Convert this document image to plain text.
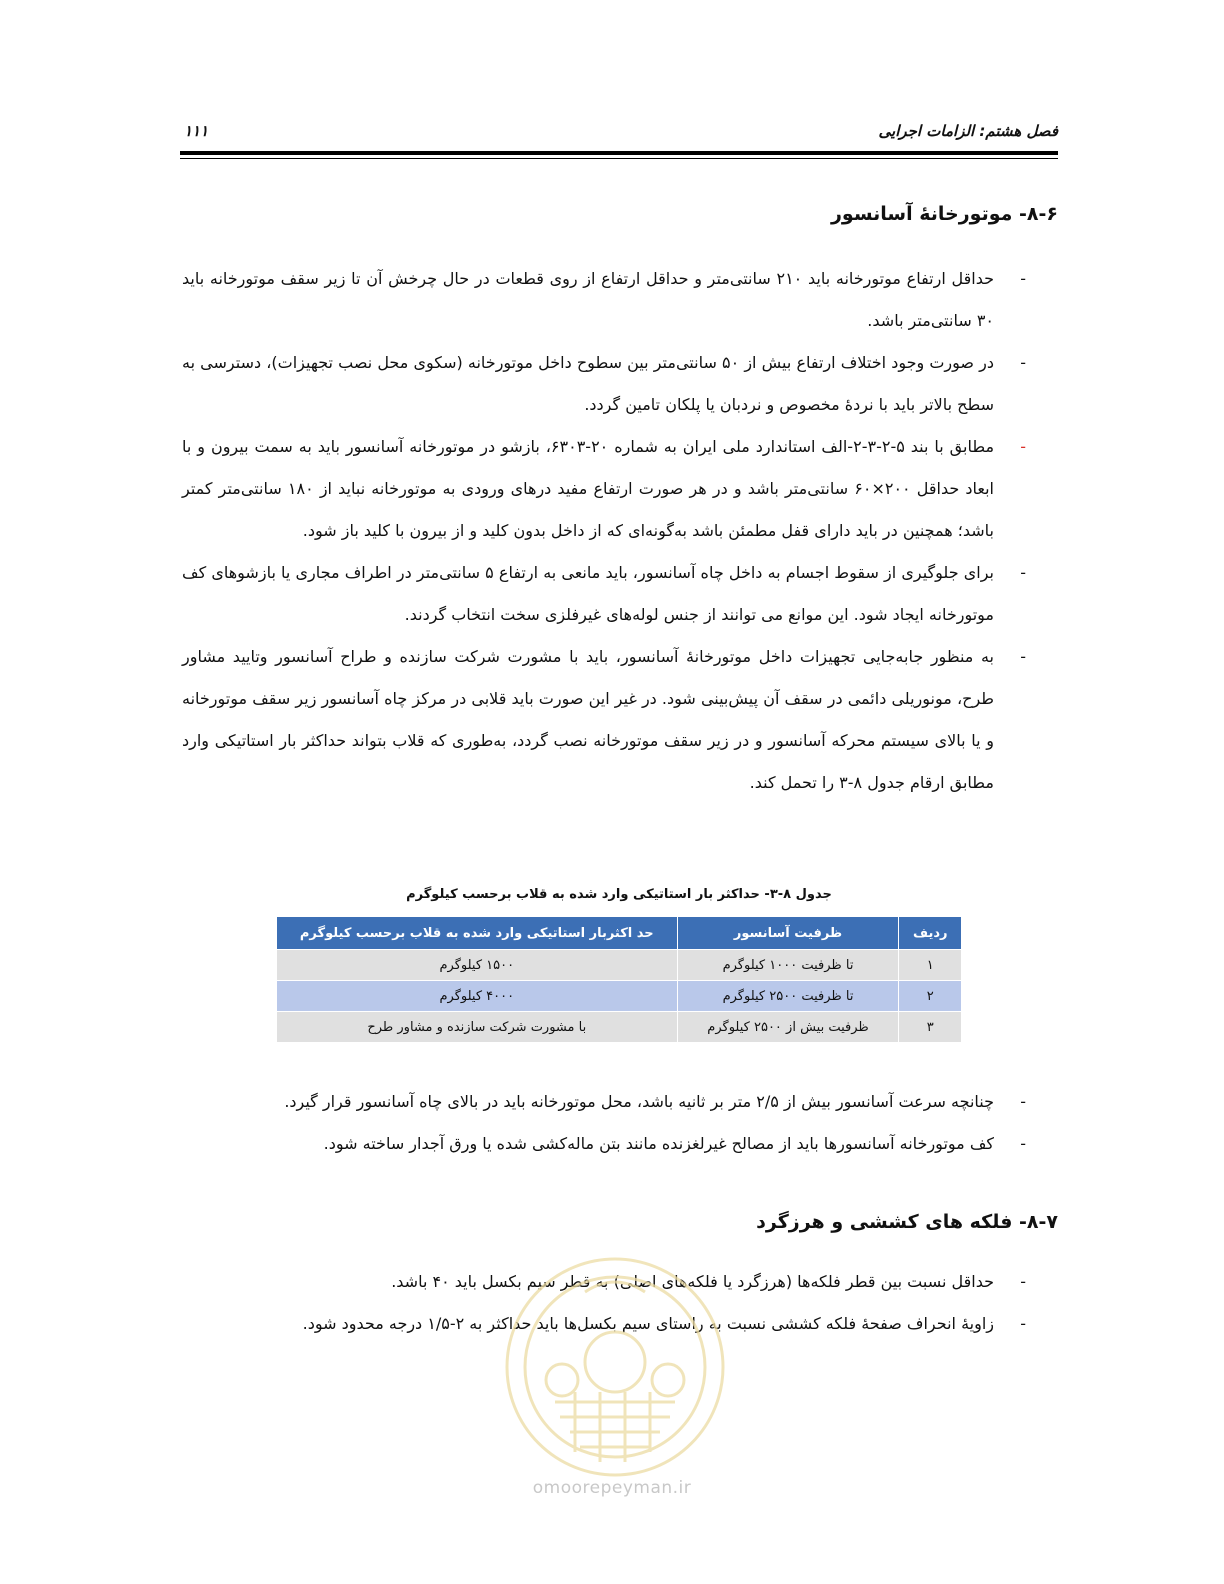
فصل هشتم: الزامات اجرایی
۱۱۱
۸-۶- موتورخانهٔ آسانسور
-
حداقل ارتفاع موتورخانه باید ۲۱۰ سانتی‌متر و حداقل ارتفاع از روی قطعات در حال چرخش آن تا زیر سقف موتورخانه باید ۳۰ سانتی‌متر باشد.
-
در صورت وجود اختلاف ارتفاع بیش از ۵۰ سانتی‌متر بین سطوح داخل موتورخانه (سکوی محل نصب تجهیزات)، دسترسی به سطح بالاتر باید با نردهٔ مخصوص و نردبان یا پلکان تامین گردد.
-
مطابق با بند ۵-۲-۳-۲-الف استاندارد ملی ایران به شماره ۲۰-۶۳۰۳، بازشو در موتورخانه آسانسور باید به سمت بیرون و با ابعاد حداقل ۲۰۰×۶۰ سانتی‌متر باشد و در هر صورت ارتفاع مفید درهای ورودی به موتورخانه نباید از ۱۸۰ سانتی‌متر کمتر باشد؛ همچنین در باید دارای قفل مطمئن باشد به‌گونه‌ای که از داخل بدون کلید و از بیرون با کلید باز شود.
-
برای جلوگیری از سقوط اجسام به داخل چاه آسانسور، باید مانعی به ارتفاع ۵ سانتی‌متر در اطراف مجاری یا بازشوهای کف موتورخانه ایجاد شود. این موانع می توانند از جنس لوله‌های غیرفلزی سخت انتخاب گردند.
-
به منظور جابه‌جایی تجهیزات داخل موتورخانهٔ آسانسور، باید با مشورت شرکت سازنده و طراح آسانسور وتایید مشاور طرح، مونوریلی دائمی در سقف آن پیش‌بینی شود. در غیر این صورت باید قلابی در مرکز چاه آسانسور زیر سقف موتورخانه و یا بالای سیستم محرکه آسانسور و در زیر سقف موتورخانه نصب گردد، به‌طوری که قلاب بتواند حداکثر بار استاتیکی وارد مطابق ارقام جدول ۸-۳ را تحمل کند.
جدول ۸-۳- حداکثر بار استاتیکی وارد شده به قلاب برحسب کیلوگرم
ردیف	ظرفیت آسانسور	حد اکثربار استاتیکی وارد شده به قلاب برحسب کیلوگرم
۱	تا ظرفیت ۱۰۰۰ کیلوگرم	۱۵۰۰ کیلوگرم
۲	تا ظرفیت ۲۵۰۰ کیلوگرم	۴۰۰۰ کیلوگرم
۳	ظرفیت بیش از ۲۵۰۰ کیلوگرم	با مشورت شرکت سازنده و مشاور طرح
-
چنانچه سرعت آسانسور بیش از ۲/۵ متر بر ثانیه باشد، محل موتورخانه باید در بالای چاه آسانسور قرار گیرد.
-
کف موتورخانه آسانسورها باید از مصالح غیرلغزنده مانند بتن ماله‌کشی شده یا ورق آجدار ساخته شود.
۸-۷- فلکه های کششی و هرزگرد
-
حداقل نسبت بین قطر فلکه‌ها (هرزگرد یا فلکه‌های اصلی) به قطر سیم بکسل باید ۴۰ باشد.
-
زاویهٔ انحراف صفحهٔ فلکه کششی نسبت به راستای سیم بکسل‌ها باید حداکثر به ۲-۱/۵ درجه محدود شود.
omoorepeyman.ir
